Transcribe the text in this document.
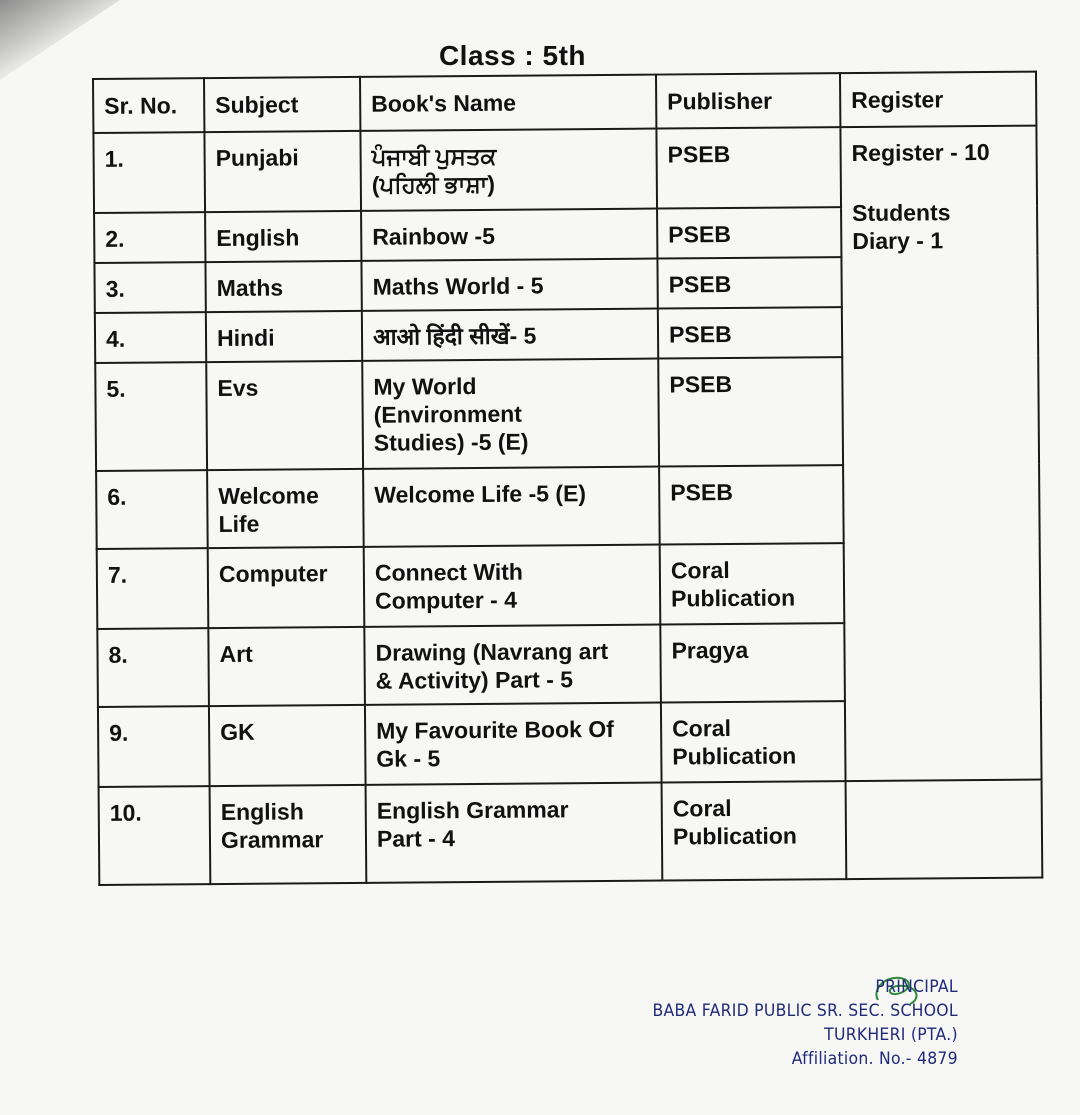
Class : 5th
Sr. No.	Subject	Book's Name	Publisher	Register
1.	Punjabi	ਪੰਜਾਬੀ ਪੁਸਤਕ
(ਪਹਿਲੀ ਭਾਸ਼ਾ)	PSEB	Register - 10
Students
Diary - 1

2.	English	Rainbow -5	PSEB	

3.	Maths	Maths World - 5	PSEB	

4.	Hindi	आओ हिंदी सीखें- 5	PSEB	

5.	Evs	My World
(Environment
Studies) -5 (E)	PSEB	

6.	Welcome
Life	Welcome Life -5 (E)	PSEB	

7.	Computer	Connect With
Computer - 4	Coral
Publication	

8.	Art	Drawing (Navrang art
& Activity) Part - 5	Pragya	

9.	GK	My Favourite Book Of
Gk - 5	Coral
Publication	

10.	English
Grammar	English Grammar
Part - 4	Coral
Publication	

PRINCIPAL
BABA FARID PUBLIC SR. SEC. SCHOOL
TURKHERI (PTA.)
Affiliation. No.- 4879
